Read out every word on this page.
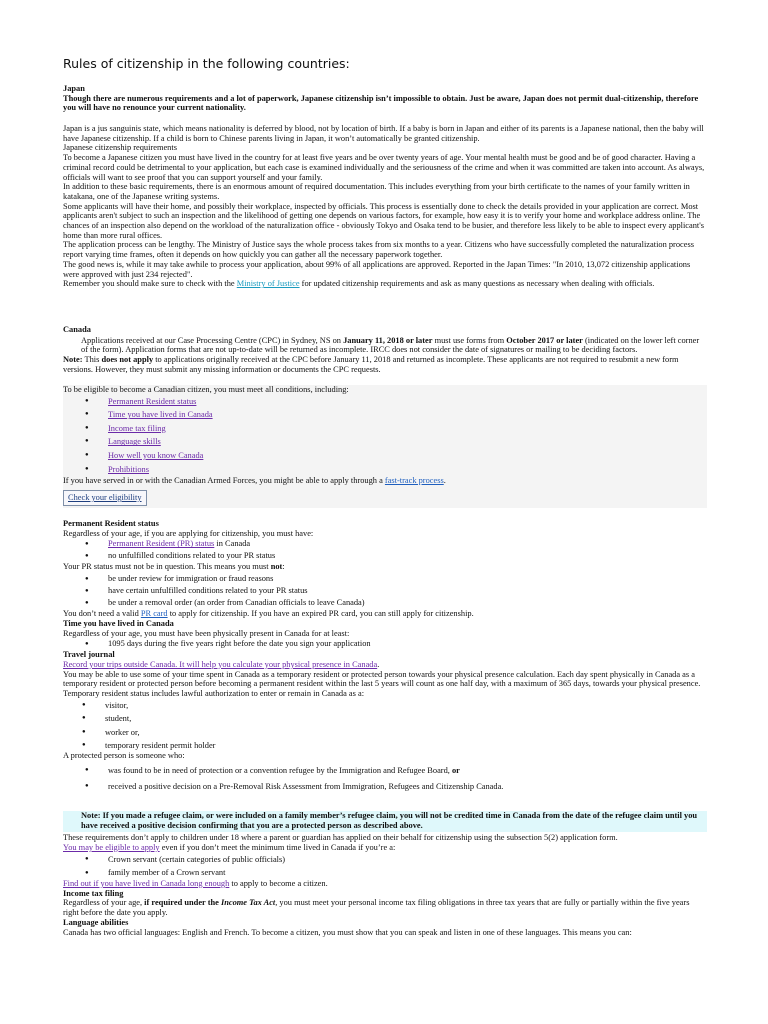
Rules of citizenship in the following countries:

Japan

Though there are numerous requirements and a lot of paperwork, Japanese citizenship isn’t impossible to obtain. Just be aware, Japan does not permit dual-citizenship, therefore you will have no renounce your current nationality.

Japan is a jus sanguinis state, which means nationality is deferred by blood, not by location of birth. If a baby is born in Japan and either of its parents is a Japanese national, then the baby will have Japanese citizenship. If a child is born to Chinese parents living in Japan, it won’t automatically be granted citizenship.

Japanese citizenship requirements

To become a Japanese citizen you must have lived in the country for at least five years and be over twenty years of age. Your mental health must be good and be of good character. Having a criminal record could be detrimental to your application, but each case is examined individually and the seriousness of the crime and when it was committed are taken into account. As always, officials will want to see proof that you can support yourself and your family.

In addition to these basic requirements, there is an enormous amount of required documentation. This includes everything from your birth certificate to the names of your family written in katakana, one of the Japanese writing systems.

Some applicants will have their home, and possibly their workplace, inspected by officials. This process is essentially done to check the details provided in your application are correct. Most applicants aren't subject to such an inspection and the likelihood of getting one depends on various factors, for example, how easy it is to verify your home and workplace address online. The chances of an inspection also depend on the workload of the naturalization office - obviously Tokyo and Osaka tend to be busier, and therefore less likely to be able to inspect every applicant's home than more rural offices.

The application process can be lengthy. The Ministry of Justice says the whole process takes from six months to a year. Citizens who have successfully completed the naturalization process report varying time frames, often it depends on how quickly you can gather all the necessary paperwork together.

The good news is, while it may take awhile to process your application, about 99% of all applications are approved. Reported in the Japan Times: "In 2010, 13,072 citizenship applications were approved with just 234 rejected".

Remember you should make sure to check with the Ministry of Justice for updated citizenship requirements and ask as many questions as necessary when dealing with officials.

Canada

Applications received at our Case Processing Centre (CPC) in Sydney, NS on January 11, 2018 or later must use forms from October 2017 or later (indicated on the lower left corner of the form). Application forms that are not up-to-date will be returned as incomplete. IRCC does not consider the date of signatures or mailing to be deciding factors.

Note: This does not apply to applications originally received at the CPC before January 11, 2018 and returned as incomplete. These applicants are not required to resubmit a new form versions. However, they must submit any missing information or documents the CPC requests.

To be eligible to become a Canadian citizen, you must meet all conditions, including:

● Permanent Resident status
● Time you have lived in Canada
● Income tax filing
● Language skills
● How well you know Canada
● Prohibitions

If you have served in or with the Canadian Armed Forces, you might be able to apply through a fast-track process.

Check your eligibility

Permanent Resident status

Regardless of your age, if you are applying for citizenship, you must have:

● Permanent Resident (PR) status in Canada
● no unfulfilled conditions related to your PR status

Your PR status must not be in question. This means you must not:

● be under review for immigration or fraud reasons
● have certain unfulfilled conditions related to your PR status
● be under a removal order (an order from Canadian officials to leave Canada)

You don’t need a valid PR card to apply for citizenship. If you have an expired PR card, you can still apply for citizenship.

Time you have lived in Canada

Regardless of your age, you must have been physically present in Canada for at least:

● 1095 days during the five years right before the date you sign your application

Travel journal

Record your trips outside Canada. It will help you calculate your physical presence in Canada.

You may be able to use some of your time spent in Canada as a temporary resident or protected person towards your physical presence calculation. Each day spent physically in Canada as a temporary resident or protected person before becoming a permanent resident within the last 5 years will count as one half day, with a maximum of 365 days, towards your physical presence.

Temporary resident status includes lawful authorization to enter or remain in Canada as a:

● visitor,
● student,
● worker or,
● temporary resident permit holder

A protected person is someone who:

● was found to be in need of protection or a convention refugee by the Immigration and Refugee Board, or
● received a positive decision on a Pre-Removal Risk Assessment from Immigration, Refugees and Citizenship Canada.
Note: If you made a refugee claim, or were included on a family member’s refugee claim, you will not be credited time in Canada from the date of the refugee claim until you have received a positive decision confirming that you are a protected person as described above.

These requirements don’t apply to children under 18 where a parent or guardian has applied on their behalf for citizenship using the subsection 5(2) application form.

You may be eligible to apply even if you don’t meet the minimum time lived in Canada if you’re a:

● Crown servant (certain categories of public officials)
● family member of a Crown servant

Find out if you have lived in Canada long enough to apply to become a citizen.

Income tax filing

Regardless of your age, if required under the Income Tax Act, you must meet your personal income tax filing obligations in three tax years that are fully or partially within the five years right before the date you apply.

Language abilities

Canada has two official languages: English and French. To become a citizen, you must show that you can speak and listen in one of these languages. This means you can:
